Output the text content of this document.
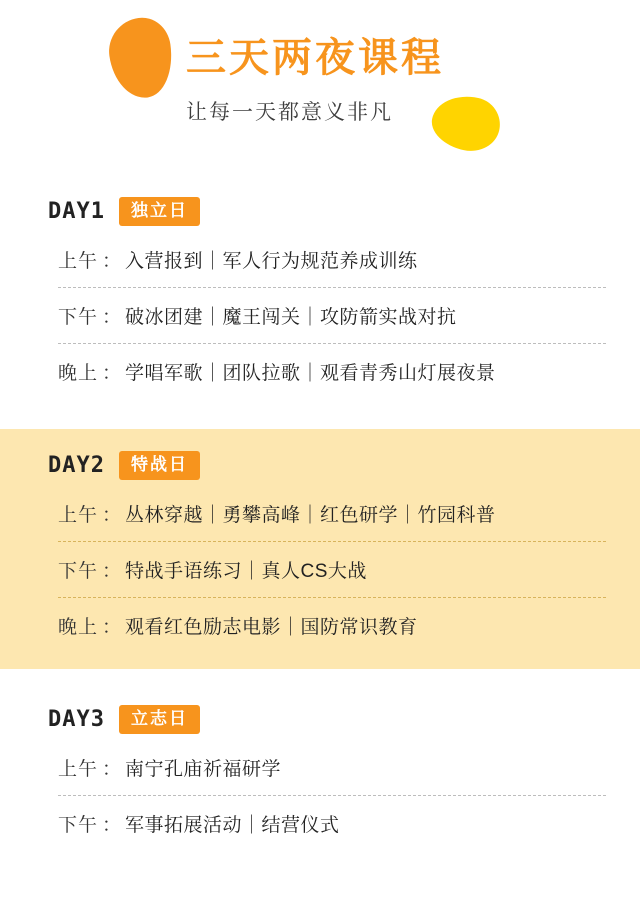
三天两夜课程
让每一天都意义非凡
DAY1	独立日
上午 ： 入营报到｜军人行为规范养成训练
下午 ： 破冰团建｜魔王闯关｜攻防箭实战对抗
晚上 ： 学唱军歌｜团队拉歌｜观看青秀山灯展夜景
DAY2	特战日
上午 ： 丛林穿越｜勇攀高峰｜红色研学｜竹园科普
下午 ： 特战手语练习｜真人CS大战
晚上 ： 观看红色励志电影｜国防常识教育
DAY3	立志日
上午 ： 南宁孔庙祈福研学
下午 ： 军事拓展活动｜结营仪式
